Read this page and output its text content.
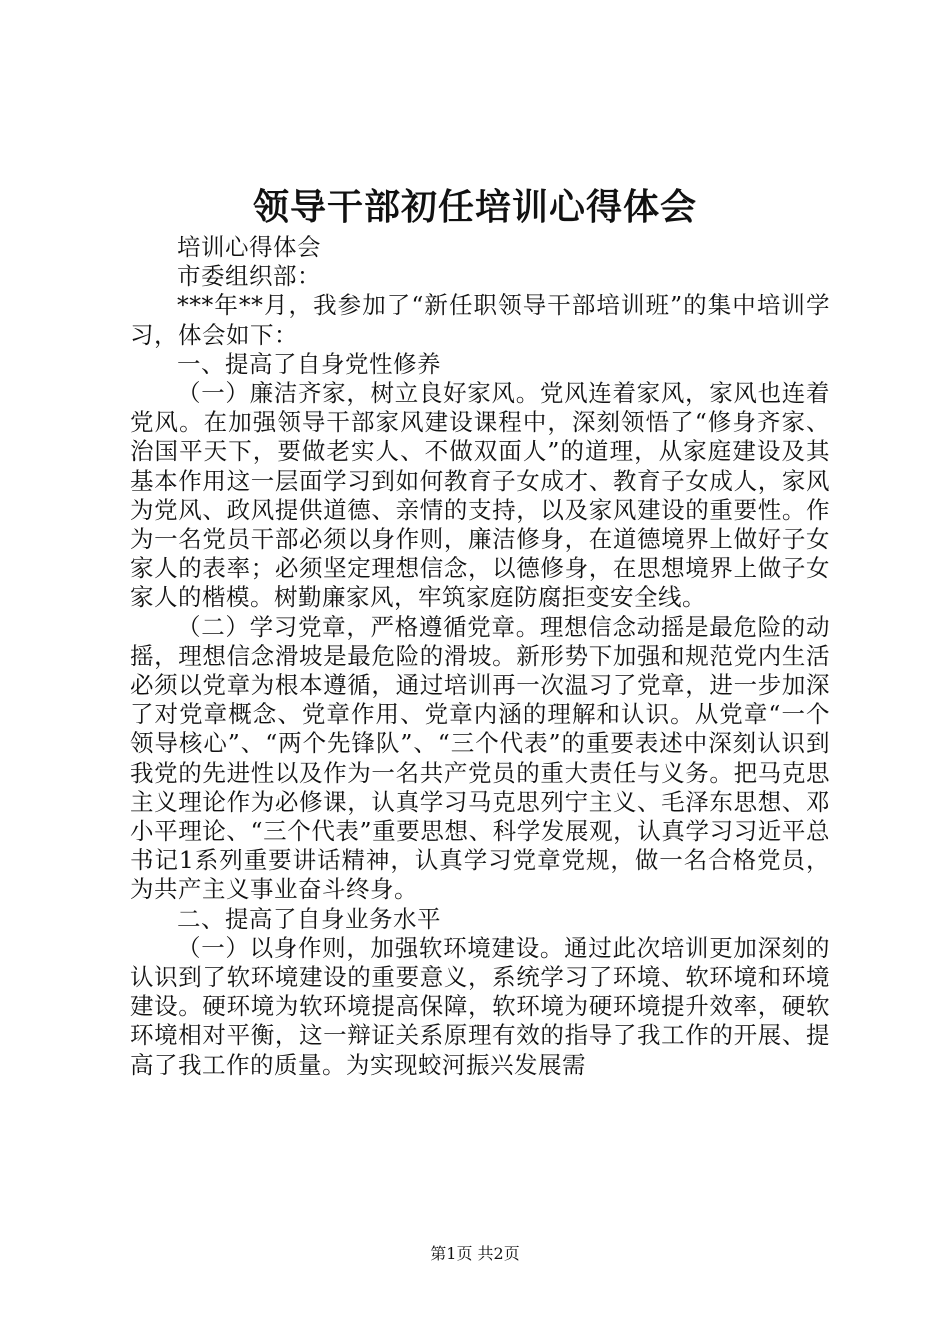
领导干部初任培训心得体会

培训心得体会

市委组织部：

***年**月，我参加了“新任职领导干部培训班”的集中培训学习，体会如下：

一、提高了自身党性修养

（一）廉洁齐家，树立良好家风。党风连着家风，家风也连着党风。在加强领导干部家风建设课程中，深刻领悟了“修身齐家、治国平天下，要做老实人、不做双面人”的道理，从家庭建设及其基本作用这一层面学习到如何教育子女成才、教育子女成人，家风为党风、政风提供道德、亲情的支持，以及家风建设的重要性。作为一名党员干部必须以身作则，廉洁修身，在道德境界上做好子女家人的表率；必须坚定理想信念，以德修身，在思想境界上做子女家人的楷模。树勤廉家风，牢筑家庭防腐拒变安全线。

（二）学习党章，严格遵循党章。理想信念动摇是最危险的动摇，理想信念滑坡是最危险的滑坡。新形势下加强和规范党内生活必须以党章为根本遵循，通过培训再一次温习了党章，进一步加深了对党章概念、党章作用、党章内涵的理解和认识。从党章“一个领导核心”、“两个先锋队”、“三个代表”的重要表述中深刻认识到我党的先进性以及作为一名共产党员的重大责任与义务。把马克思主义理论作为必修课，认真学习马克思列宁主义、毛泽东思想、邓小平理论、“三个代表”重要思想、科学发展观，认真学习习近平总书记1系列重要讲话精神，认真学习党章党规，做一名合格党员，为共产主义事业奋斗终身。

二、提高了自身业务水平

（一）以身作则，加强软环境建设。通过此次培训更加深刻的认识到了软环境建设的重要意义，系统学习了环境、软环境和环境建设。硬环境为软环境提高保障，软环境为硬环境提升效率，硬软环境相对平衡，这一辩证关系原理有效的指导了我工作的开展、提高了我工作的质量。为实现蛟河振兴发展需

第1页 共2页
